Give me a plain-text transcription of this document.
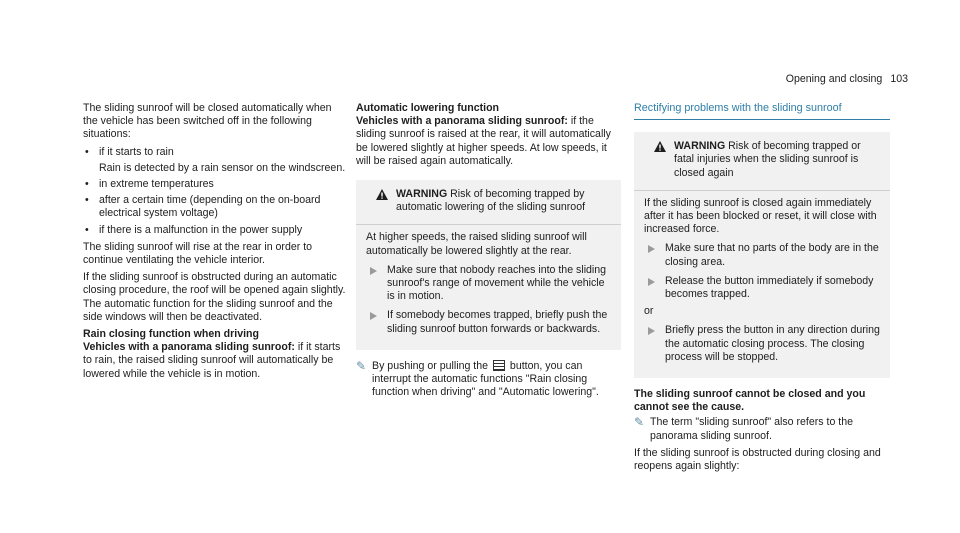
Opening and closing 103

The sliding sunroof will be closed automatically when the vehicle has been switched off in the following situations:

• if it starts to rain
Rain is detected by a rain sensor on the windscreen.
• in extreme temperatures
• after a certain time (depending on the on-board electrical system voltage)
• if there is a malfunction in the power supply

The sliding sunroof will rise at the rear in order to continue ventilating the vehicle interior.

If the sliding sunroof is obstructed during an automatic closing procedure, the roof will be opened again slightly. The automatic function for the sliding sunroof and the side windows will then be deactivated.

Rain closing function when driving

Vehicles with a panorama sliding sunroof: if it starts to rain, the raised sliding sunroof will automatically be lowered while the vehicle is in motion.

Automatic lowering function

Vehicles with a panorama sliding sunroof: if the sliding sunroof is raised at the rear, it will automatically be lowered slightly at higher speeds. At low speeds, it will be raised again automatically.

WARNING Risk of becoming trapped by automatic lowering of the sliding sunroof

At higher speeds, the raised sliding sunroof will automatically be lowered slightly at the rear.

Make sure that nobody reaches into the sliding sunroof's range of movement while the vehicle is in motion.
If somebody becomes trapped, briefly push the sliding sunroof button forwards or backwards.
✎ By pushing or pulling the  button, you can interrupt the automatic functions "Rain closing function when driving" and "Automatic lowering".
Rectifying problems with the sliding sunroof
WARNING Risk of becoming trapped or fatal injuries when the sliding sunroof is closed again

If the sliding sunroof is closed again immediately after it has been blocked or reset, it will close with increased force.

Make sure that no parts of the body are in the closing area.
Release the button immediately if somebody becomes trapped.

or

Briefly press the button in any direction during the automatic closing process. The closing process will be stopped.
The sliding sunroof cannot be closed and you cannot see the cause.
✎ The term "sliding sunroof" also refers to the panorama sliding sunroof.

If the sliding sunroof is obstructed during closing and reopens again slightly:
